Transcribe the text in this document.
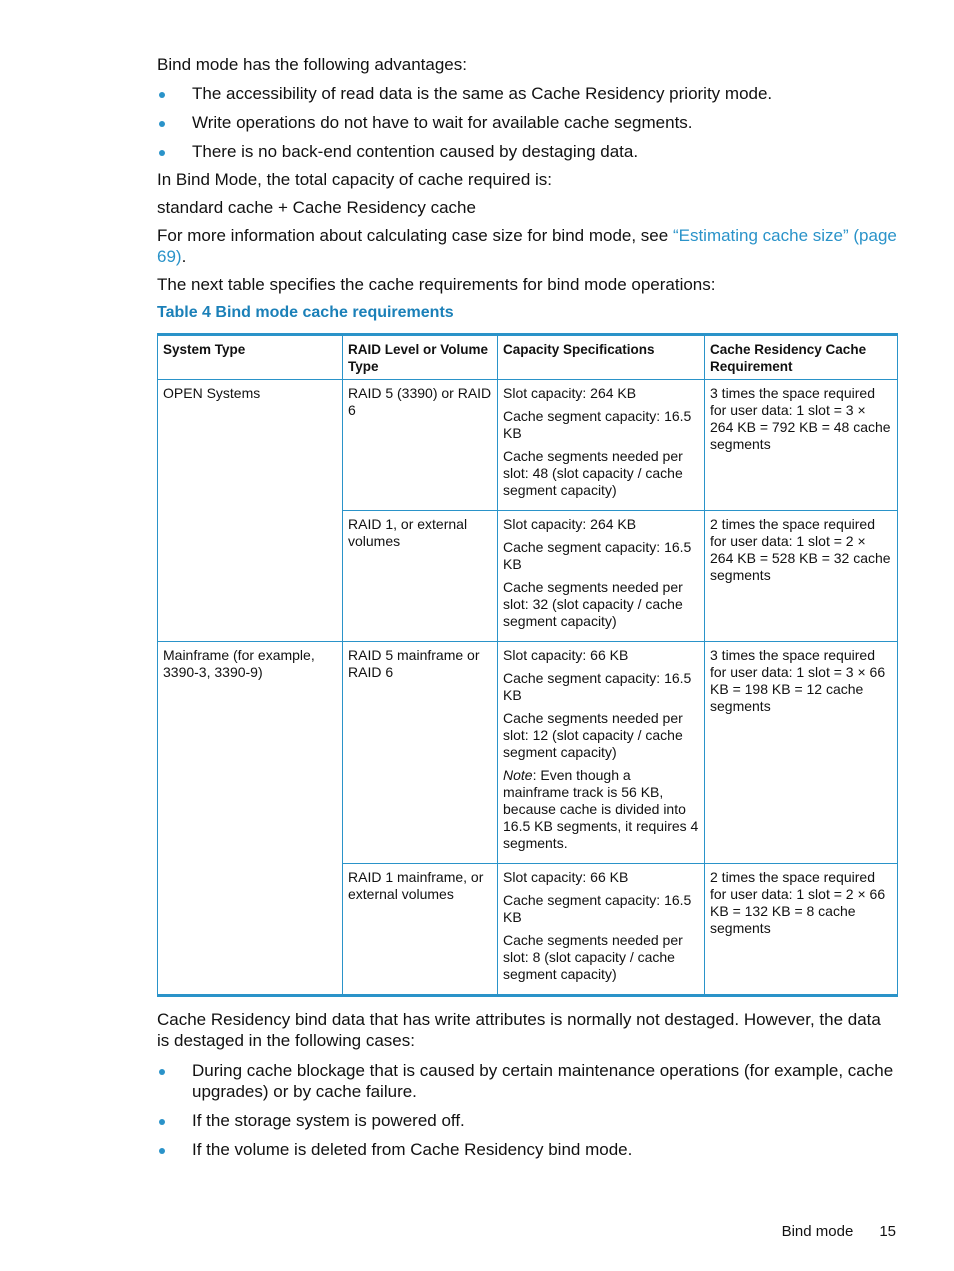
Bind mode has the following advantages:

The accessibility of read data is the same as Cache Residency priority mode.
Write operations do not have to wait for available cache segments.
There is no back-end contention caused by destaging data.

In Bind Mode, the total capacity of cache required is:

standard cache + Cache Residency cache

For more information about calculating case size for bind mode, see “Estimating cache size” (page 69).

The next table specifies the cache requirements for bind mode operations:

Table 4 Bind mode cache requirements
System Type	RAID Level or Volume Type	Capacity Specifications	Cache Residency Cache Requirement
OPEN Systems	RAID 5 (3390) or RAID 6	Slot capacity: 264 KB
Cache segment capacity: 16.5 KB
Cache segments needed per slot: 48 (slot capacity / cache segment capacity)	3 times the space required for user data: 1 slot = 3 × 264 KB = 792 KB = 48 cache segments
	RAID 1, or external volumes	Slot capacity: 264 KB
Cache segment capacity: 16.5 KB
Cache segments needed per slot: 32 (slot capacity / cache segment capacity)	2 times the space required for user data: 1 slot = 2 × 264 KB = 528 KB = 32 cache segments
Mainframe (for example, 3390-3, 3390-9)	RAID 5 mainframe or RAID 6	Slot capacity: 66 KB
Cache segment capacity: 16.5 KB
Cache segments needed per slot: 12 (slot capacity / cache segment capacity)
Note: Even though a mainframe track is 56 KB, because cache is divided into 16.5 KB segments, it requires 4 segments.	3 times the space required for user data: 1 slot = 3 × 66 KB = 198 KB = 12 cache segments
	RAID 1 mainframe, or external volumes	Slot capacity: 66 KB
Cache segment capacity: 16.5 KB
Cache segments needed per slot: 8 (slot capacity / cache segment capacity)	2 times the space required for user data: 1 slot = 2 × 66 KB = 132 KB = 8 cache segments

Cache Residency bind data that has write attributes is normally not destaged. However, the data is destaged in the following cases:

During cache blockage that is caused by certain maintenance operations (for example, cache upgrades) or by cache failure.
If the storage system is powered off.
If the volume is deleted from Cache Residency bind mode.
Bind mode 15
